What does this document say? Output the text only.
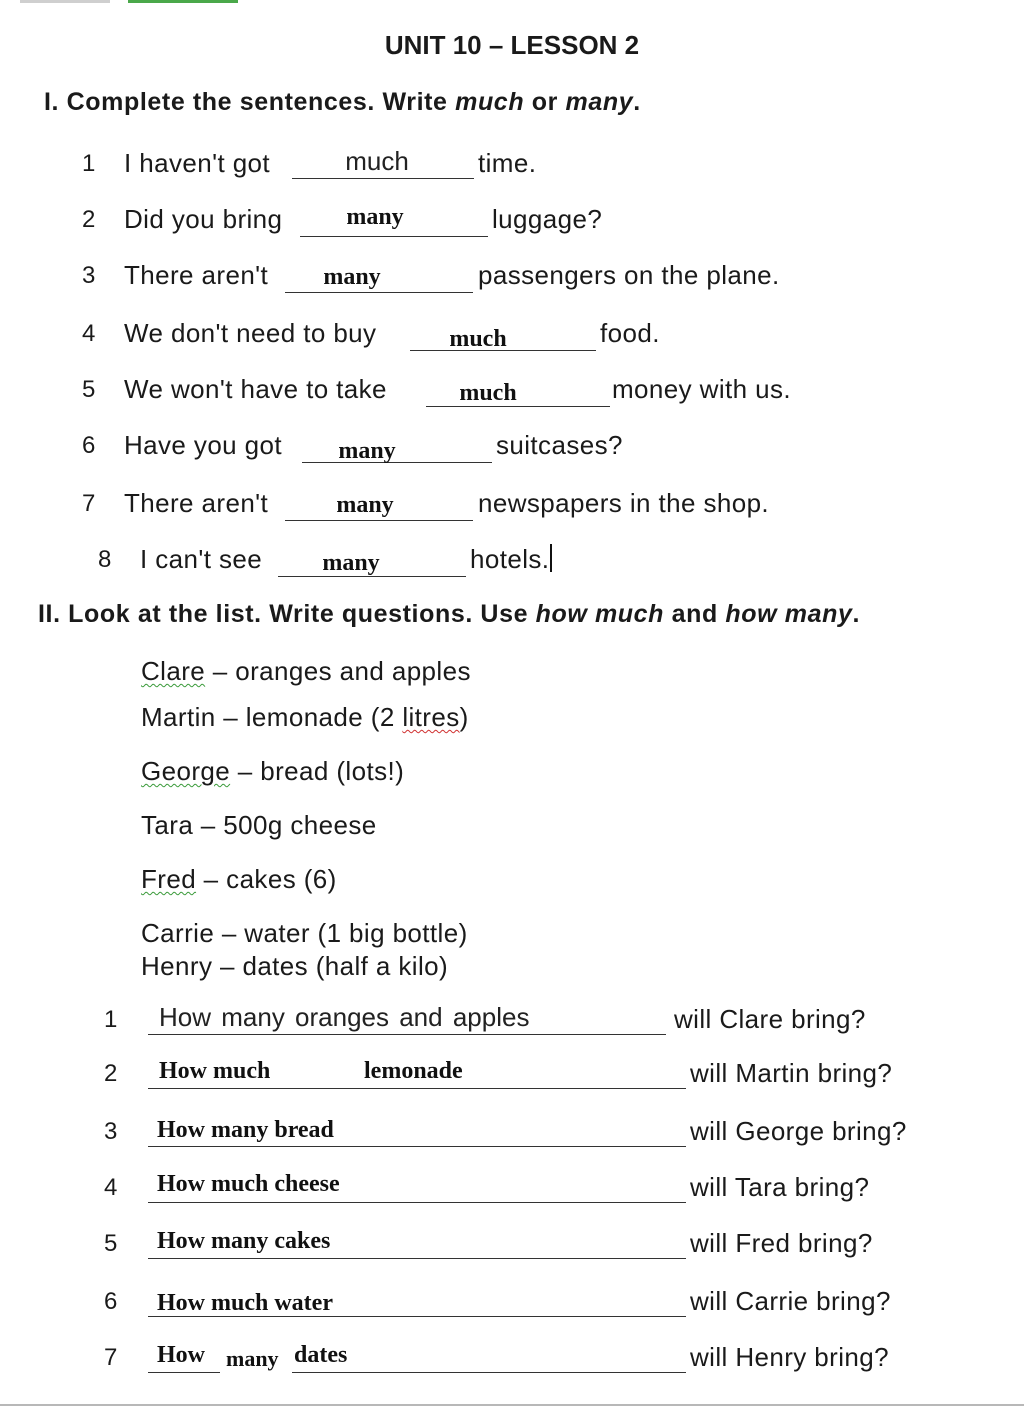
UNIT 10 – LESSON 2
I. Complete the sentences. Write much or many.
1 I haven't got	much	time.
2 Did you bring	many	luggage?
3 There aren't	many	passengers on the plane.
4 We don't need to buy	much	food.
5 We won't have to take	much	money with us.
6 Have you got	many	suitcases?
7 There aren't	many	newspapers in the shop.
8 I can't see	many	hotels.
II. Look at the list. Write questions. Use how much and how many.
Clare – oranges and apples
Martin – lemonade (2 litres)
George – bread (lots!)
Tara – 500g cheese
Fred – cakes (6)
Carrie – water (1 big bottle)
Henry – dates (half a kilo)
1 How many oranges and apples	will Clare bring?
2 How much	lemonade	will Martin bring?
3 How many bread	will George bring?
4 How much cheese	will Tara bring?
5 How many cakes	will Fred bring?
6 How much water	will Carrie bring?
7 How many dates	will Henry bring?
